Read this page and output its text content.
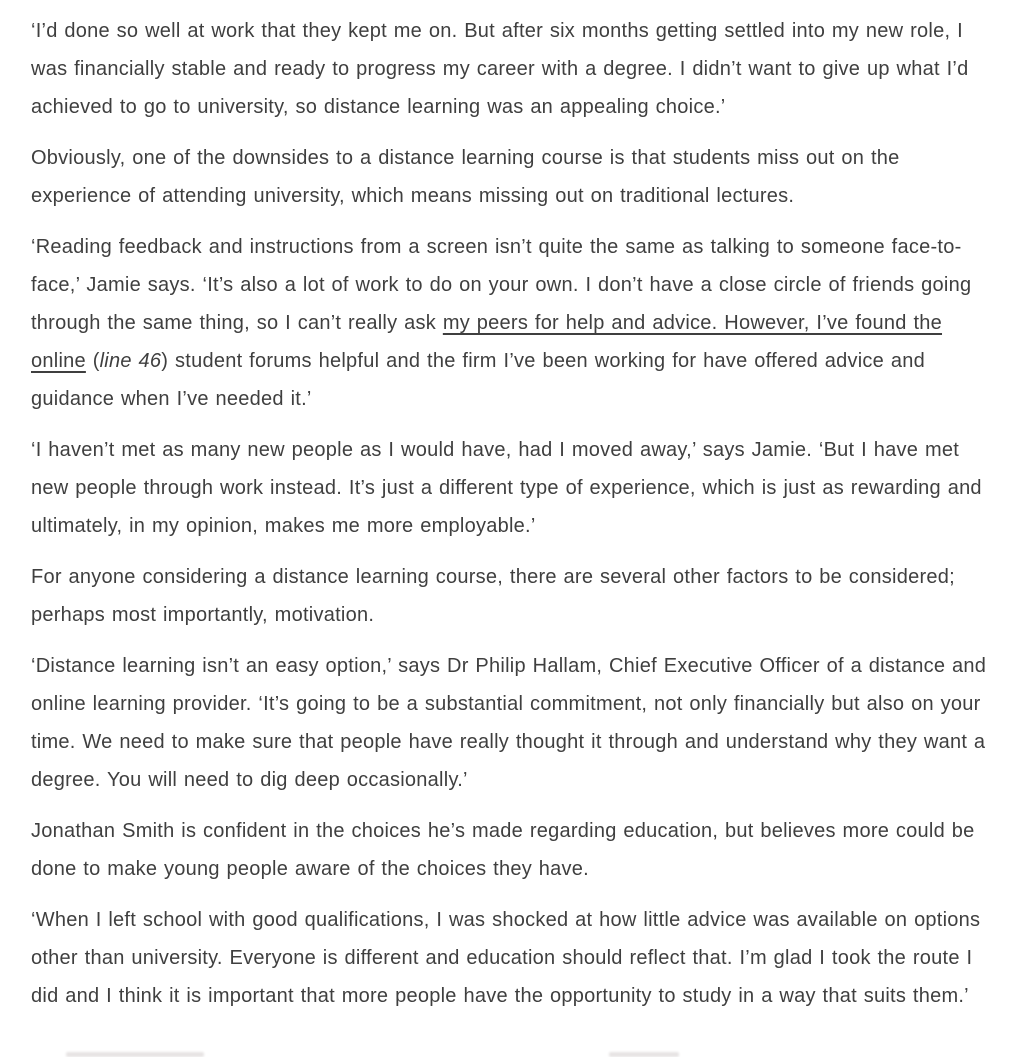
‘I’d done so well at work that they kept me on. But after six months getting settled into my new role, I was financially stable and ready to progress my career with a degree. I didn’t want to give up what I’d achieved to go to university, so distance learning was an appealing choice.’

Obviously, one of the downsides to a distance learning course is that students miss out on the experience of attending university, which means missing out on traditional lectures.

‘Reading feedback and instructions from a screen isn’t quite the same as talking to someone face-to-face,’ Jamie says. ‘It’s also a lot of work to do on your own. I don’t have a close circle of friends going through the same thing, so I can’t really ask my peers for help and advice. However, I’ve found the online (line 46) student forums helpful and the firm I’ve been working for have offered advice and guidance when I’ve needed it.’

‘I haven’t met as many new people as I would have, had I moved away,’ says Jamie. ‘But I have met new people through work instead. It’s just a different type of experience, which is just as rewarding and ultimately, in my opinion, makes me more employable.’

For anyone considering a distance learning course, there are several other factors to be considered; perhaps most importantly, motivation.

‘Distance learning isn’t an easy option,’ says Dr Philip Hallam, Chief Executive Officer of a distance and online learning provider. ‘It’s going to be a substantial commitment, not only financially but also on your time. We need to make sure that people have really thought it through and understand why they want a degree. You will need to dig deep occasionally.’

Jonathan Smith is confident in the choices he’s made regarding education, but believes more could be done to make young people aware of the choices they have.

‘When I left school with good qualifications, I was shocked at how little advice was available on options other than university. Everyone is different and education should reflect that. I’m glad I took the route I did and I think it is important that more people have the opportunity to study in a way that suits them.’
